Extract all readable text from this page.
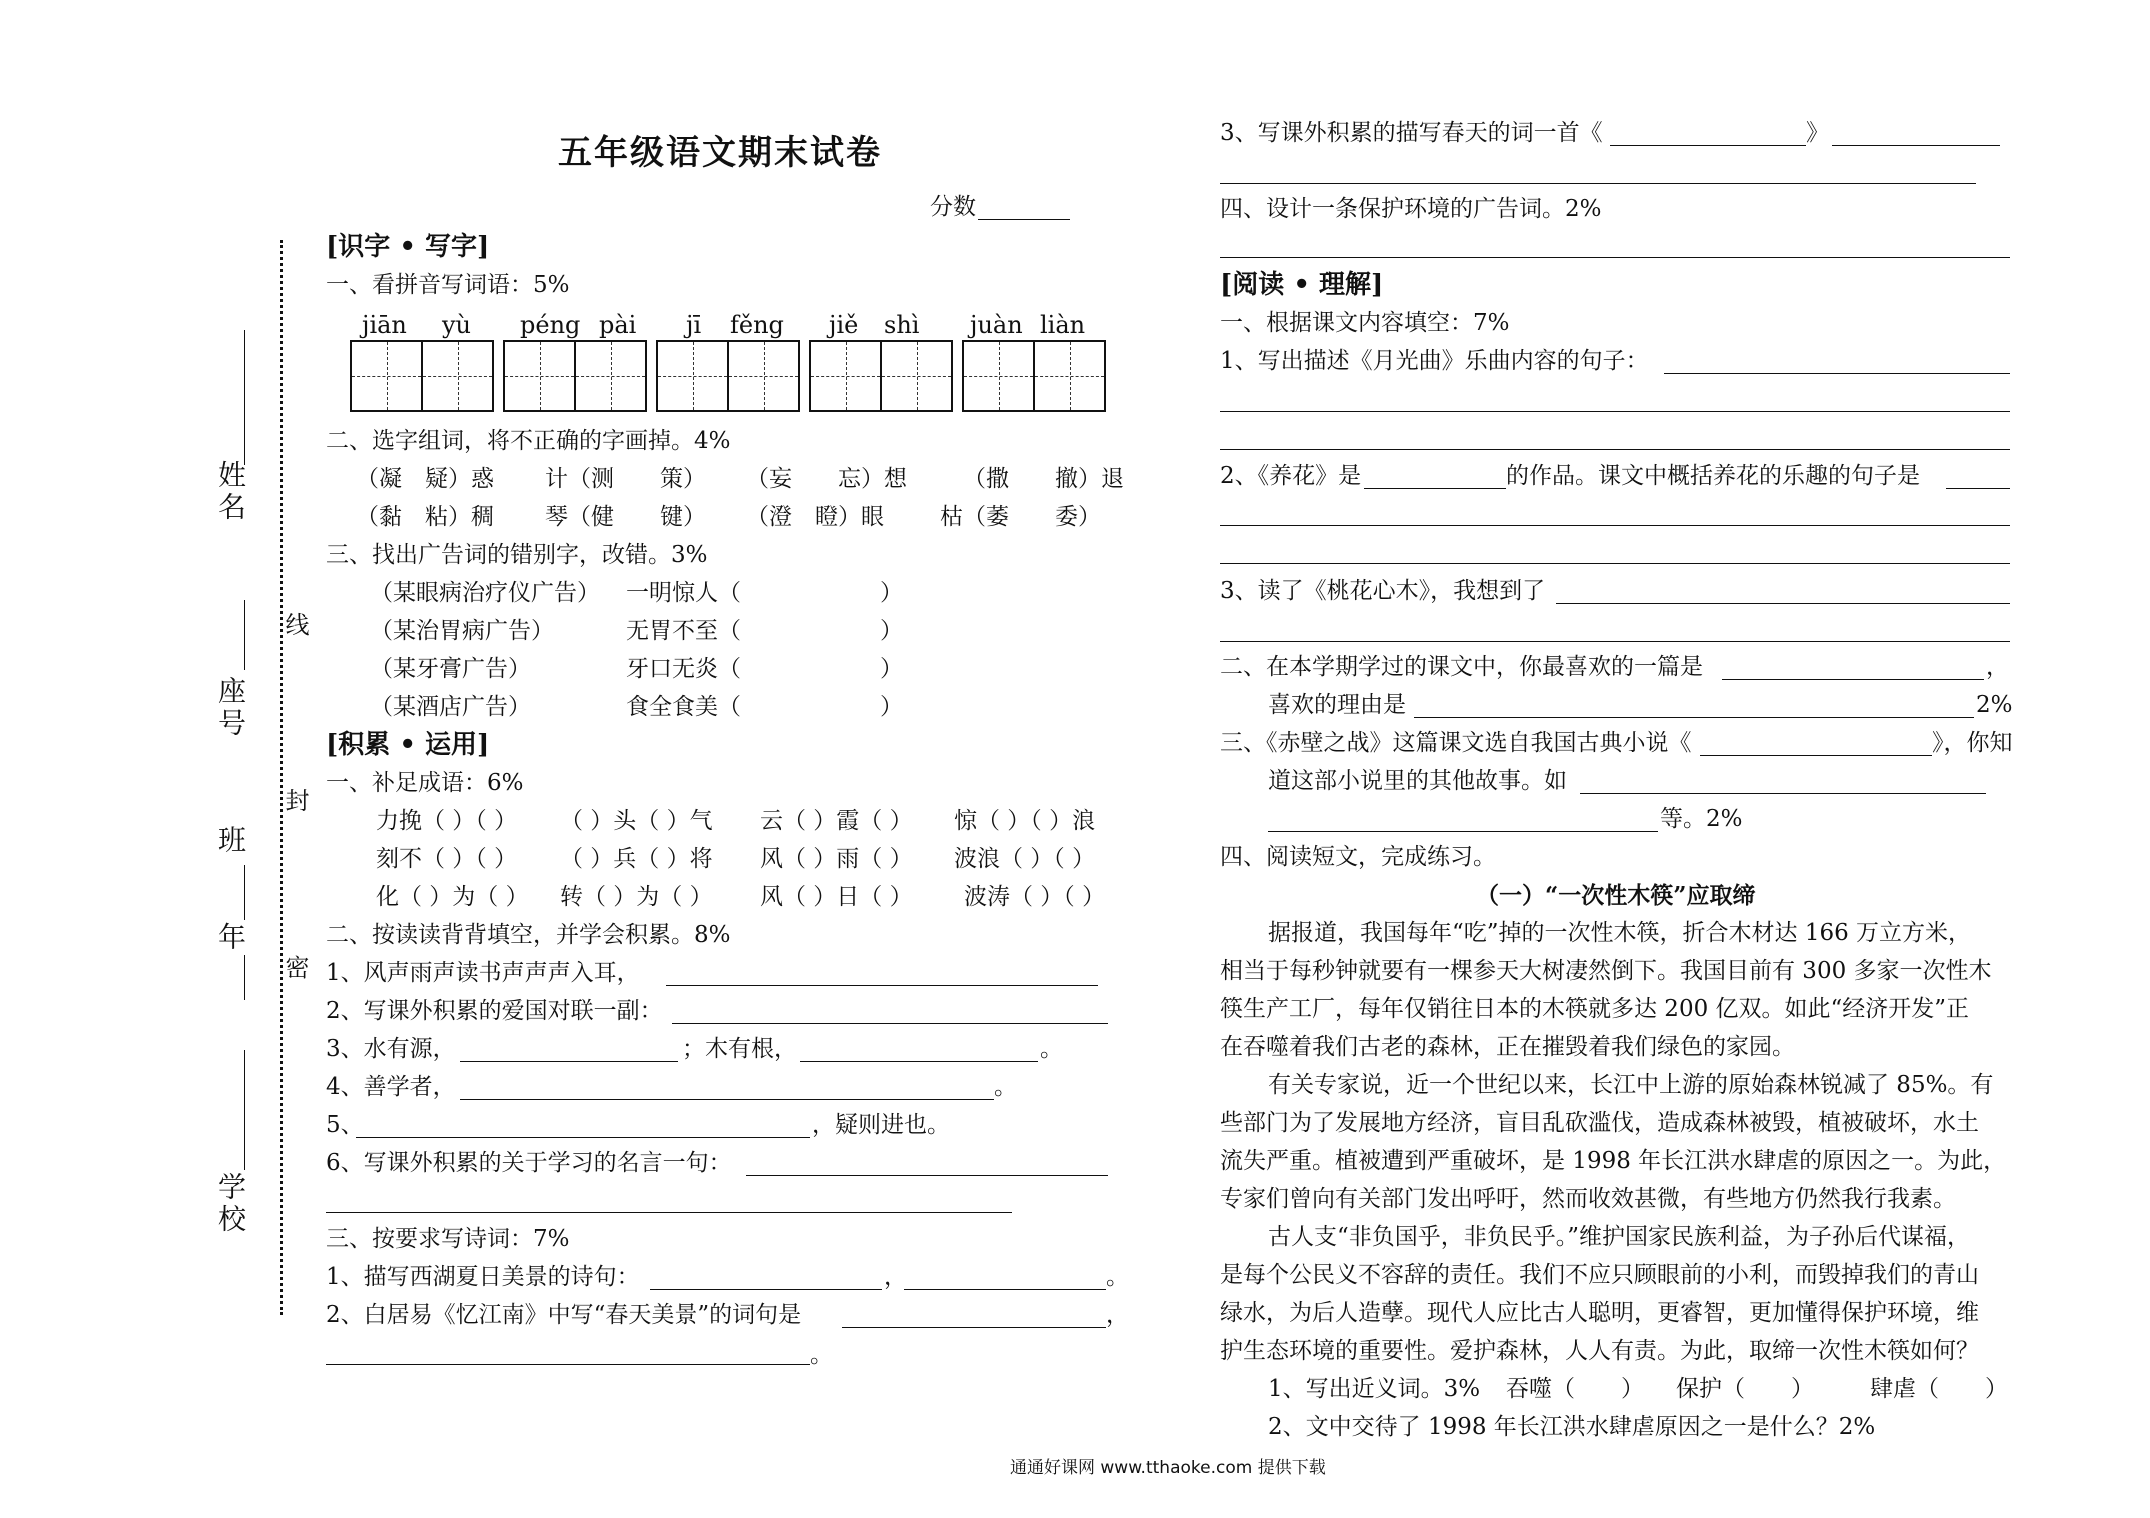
线
封
密
姓名
座号
班
年
学校
五年级语文期末试卷
分数
[识字 • 写字]
一、看拼音写词语：5%
jiān yù péng pài jī fěng jiě shì juàn liàn
二、选字组词，将不正确的字画掉。4%
（凝　疑）惑 计（测　　策） （妄　　忘）想 （撒　　撤）退
（黏　粘）稠 琴（健　　键） （澄　瞪）眼 枯（萎　　委）
三、找出广告词的错别字，改错。3%
（某眼病治疗仪广告） 一明惊人（	）
（某治胃病广告）	无胃不至（	）
（某牙膏广告）	牙口无炎（	）
（某酒店广告）	食全食美（	）
[积累 • 运用]
一、补足成语：6%
力挽（ ）（ ） （ ）头（ ）气 云（ ）霞（ ） 惊（ ）（ ）浪
刻不（ ）（ ） （ ）兵（ ）将 风（ ）雨（ ） 波浪（ ）（ ）
化（ ）为（ ） 转（ ）为（ ） 风（ ）日（ ） 波涛（ ）（ ）
二、按读读背背填空，并学会积累。8%
1、风声雨声读书声声声入耳，
2、写课外积累的爱国对联一副：
3、水有源，	；木有根，	。
4、善学者，	。
5、	，疑则进也。
6、写课外积累的关于学习的名言一句：
三、按要求写诗词：7%
1、描写西湖夏日美景的诗句：	，	。
2、白居易《忆江南》中写“春天美景”的词句是	，
。
3、写课外积累的描写春天的词一首《	》
四、设计一条保护环境的广告词。2%
[阅读 • 理解]
一、根据课文内容填空：7%
1、写出描述《月光曲》乐曲内容的句子：
2、《养花》是	的作品。课文中概括养花的乐趣的句子是
3、读了《桃花心木》，我想到了
二、在本学期学过的课文中，你最喜欢的一篇是	，
喜欢的理由是	2%
三、《赤壁之战》这篇课文选自我国古典小说《	》，你知
道这部小说里的其他故事。如
等。2%
四、阅读短文，完成练习。
（一）“一次性木筷”应取缔
据报道，我国每年“吃”掉的一次性木筷，折合木材达 166 万立方米，
相当于每秒钟就要有一棵参天大树凄然倒下。我国目前有 300 多家一次性木
筷生产工厂，每年仅销往日本的木筷就多达 200 亿双。如此“经济开发”正
在吞噬着我们古老的森林，正在摧毁着我们绿色的家园。
有关专家说，近一个世纪以来，长江中上游的原始森林锐减了 85%。有
些部门为了发展地方经济，盲目乱砍滥伐，造成森林被毁，植被破坏，水土
流失严重。植被遭到严重破坏，是 1998 年长江洪水肆虐的原因之一。为此，
专家们曾向有关部门发出呼吁，然而收效甚微，有些地方仍然我行我素。
古人支“非负国乎，非负民乎。”维护国家民族利益，为子孙后代谋福，
是每个公民义不容辞的责任。我们不应只顾眼前的小利，而毁掉我们的青山
绿水，为后人造孽。现代人应比古人聪明，更睿智，更加懂得保护环境，维
护生态环境的重要性。爱护森林，人人有责。为此，取缔一次性木筷如何？
1、写出近义词。3% 吞噬（　　） 保护（　　） 肆虐（　　）
2、文中交待了 1998 年长江洪水肆虐原因之一是什么？2%
通通好课网 www.tthaoke.com 提供下载
